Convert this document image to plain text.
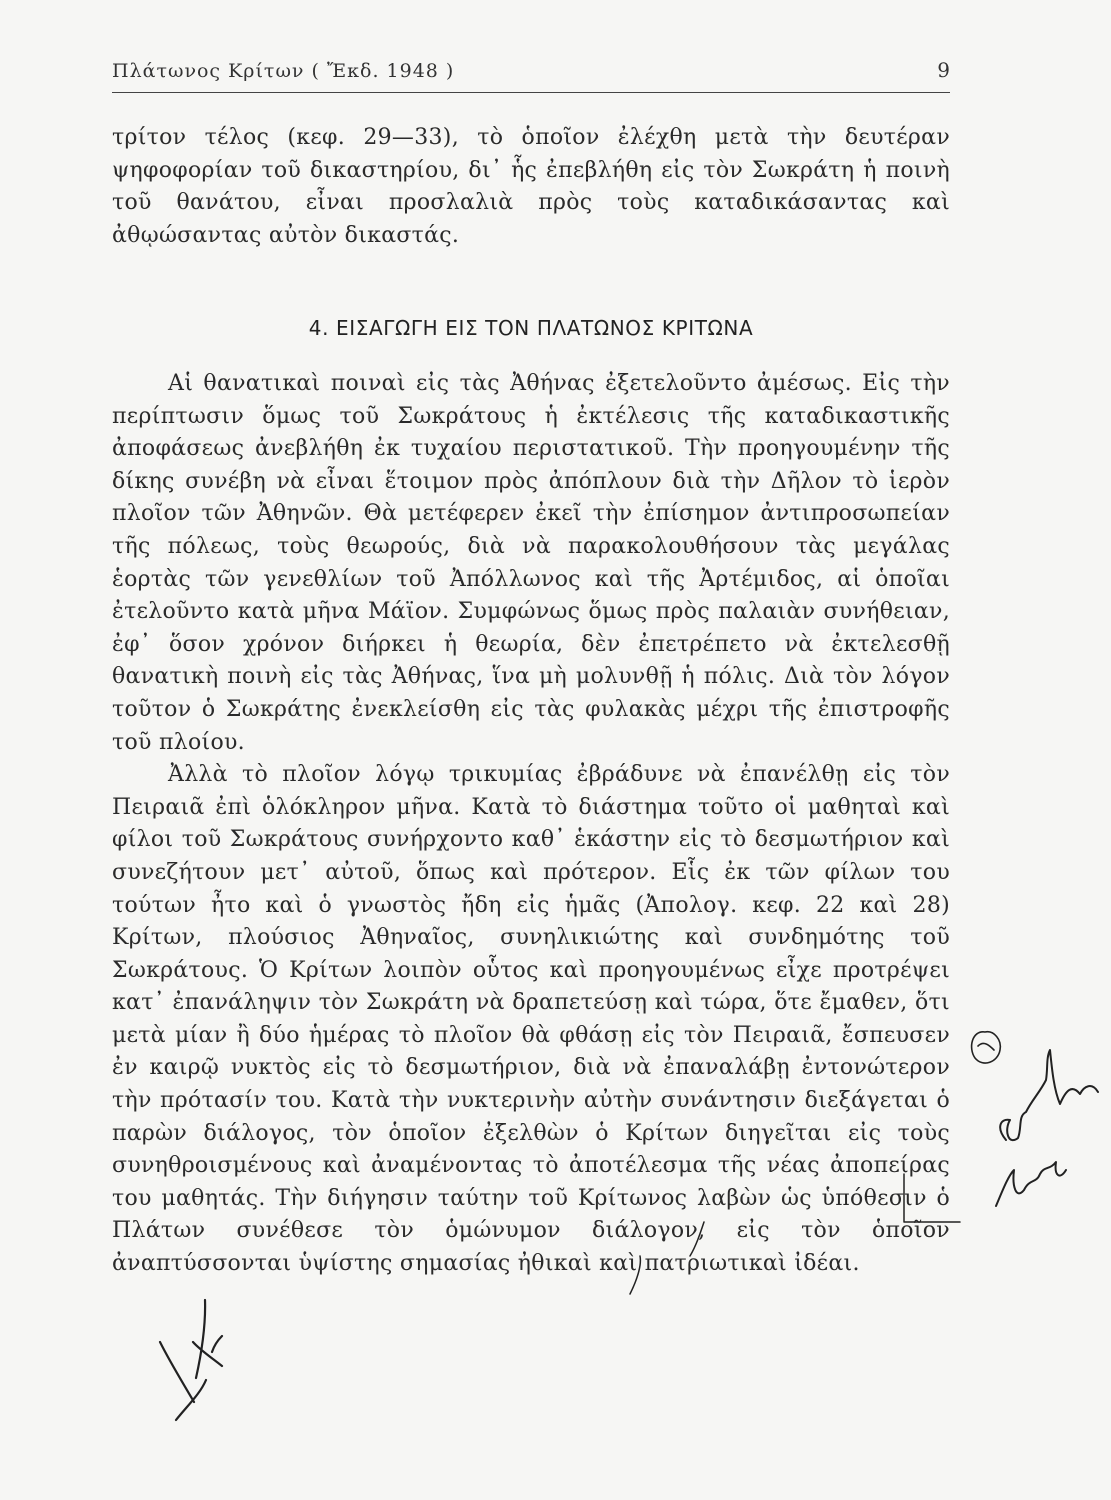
Πλάτωνος Κρίτων ( Ἔκδ. 1948 )	9

τρίτον τέλος (κεφ. 29—33), τὸ ὁποῖον ἐλέχθη μετὰ τὴν δευτέραν ψηφοφορίαν τοῦ δικαστηρίου, δι᾿ ἧς ἐπεβλήθη εἰς τὸν Σωκράτη ἡ ποινὴ τοῦ θανάτου, εἶναι προσλαλιὰ πρὸς τοὺς καταδικάσαντας καὶ ἀθῳώσαντας αὐτὸν δικαστάς.

4. ΕΙΣΑΓΩΓΗ ΕΙΣ ΤΟΝ ΠΛΑΤΩΝΟΣ ΚΡΙΤΩΝΑ

Αἱ θανατικαὶ ποιναὶ εἰς τὰς Ἀθήνας ἐξετελοῦντο ἀμέσως. Εἰς τὴν περίπτωσιν ὅμως τοῦ Σωκράτους ἡ ἐκτέλεσις τῆς καταδικαστικῆς ἀποφάσεως ἀνεβλήθη ἐκ τυχαίου περιστατικοῦ. Τὴν προηγουμένην τῆς δίκης συνέβη νὰ εἶναι ἕτοιμον πρὸς ἀπόπλουν διὰ τὴν Δῆλον τὸ ἱερὸν πλοῖον τῶν Ἀθηνῶν. Θὰ μετέφερεν ἐκεῖ τὴν ἐπίσημον ἀντιπροσωπείαν τῆς πόλεως, τοὺς θεωρούς, διὰ νὰ παρακολουθήσουν τὰς μεγάλας ἑορτὰς τῶν γενεθλίων τοῦ Ἀπόλλωνος καὶ τῆς Ἀρτέμιδος, αἱ ὁποῖαι ἐτελοῦντο κατὰ μῆνα Μάϊον. Συμφώνως ὅμως πρὸς παλαιὰν συνήθειαν, ἐφ᾿ ὅσον χρόνον διήρκει ἡ θεωρία, δὲν ἐπετρέπετο νὰ ἐκτελεσθῇ θανατικὴ ποινὴ εἰς τὰς Ἀθήνας, ἵνα μὴ μολυνθῇ ἡ πόλις. Διὰ τὸν λόγον τοῦτον ὁ Σωκράτης ἐνεκλείσθη εἰς τὰς φυλακὰς μέχρι τῆς ἐπιστροφῆς τοῦ πλοίου.

Ἀλλὰ τὸ πλοῖον λόγῳ τρικυμίας ἐβράδυνε νὰ ἐπανέλθῃ εἰς τὸν Πειραιᾶ ἐπὶ ὁλόκληρον μῆνα. Κατὰ τὸ διάστημα τοῦτο οἱ μαθηταὶ καὶ φίλοι τοῦ Σωκράτους συνήρχοντο καθ᾿ ἑκάστην εἰς τὸ δεσμωτήριον καὶ συνεζήτουν μετ᾿ αὐτοῦ, ὅπως καὶ πρότερον. Εἷς ἐκ τῶν φίλων του τούτων ἦτο καὶ ὁ γνωστὸς ἤδη εἰς ἡμᾶς (Ἀπολογ. κεφ. 22 καὶ 28) Κρίτων, πλούσιος Ἀθηναῖος, συνηλικιώτης καὶ συνδημότης τοῦ Σωκράτους. Ὁ Κρίτων λοιπὸν οὗτος καὶ προηγουμένως εἶχε προτρέψει κατ᾿ ἐπανάληψιν τὸν Σωκράτη νὰ δραπετεύσῃ καὶ τώρα, ὅτε ἔμαθεν, ὅτι μετὰ μίαν ἢ δύο ἡμέρας τὸ πλοῖον θὰ φθάσῃ εἰς τὸν Πειραιᾶ, ἔσπευσεν ἐν καιρῷ νυκτὸς εἰς τὸ δεσμωτήριον, διὰ νὰ ἐπαναλάβῃ ἐντονώτερον τὴν πρότασίν του. Κατὰ τὴν νυκτερινὴν αὐτὴν συνάντησιν διεξάγεται ὁ παρὼν διάλογος, τὸν ὁποῖον ἐξελθὼν ὁ Κρίτων διηγεῖται εἰς τοὺς συνηθροισμένους καὶ ἀναμένοντας τὸ ἀποτέλεσμα τῆς νέας ἀποπείρας του μαθητάς. Τὴν διήγησιν ταύτην τοῦ Κρίτωνος λαβὼν ὡς ὑπόθεσιν ὁ Πλάτων συνέθεσε τὸν ὁμώνυμον διάλογον, εἰς τὸν ὁποῖον ἀναπτύσσονται ὑψίστης σημασίας ἠθικαὶ καὶ πατριωτικαὶ ἰδέαι.
